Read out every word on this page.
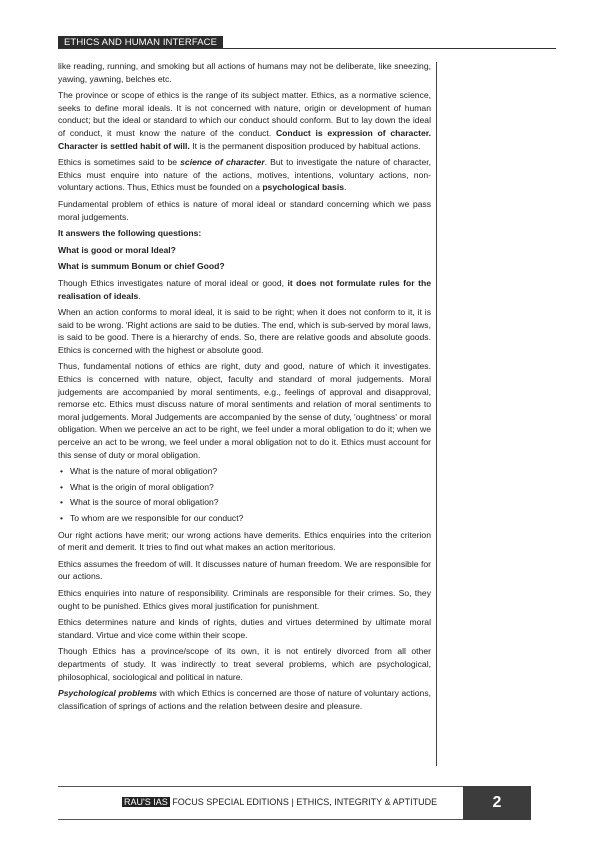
ETHICS AND HUMAN INTERFACE

like reading, running, and smoking but all actions of humans may not be deliberate, like sneezing, yawing, yawning, belches etc.

The province or scope of ethics is the range of its subject matter. Ethics, as a normative science, seeks to define moral ideals. It is not concerned with nature, origin or development of human conduct; but the ideal or standard to which our conduct should conform. But to lay down the ideal of conduct, it must know the nature of the conduct. Conduct is expression of character. Character is settled habit of will. It is the permanent disposition produced by habitual actions.

Ethics is sometimes said to be science of character. But to investigate the nature of character, Ethics must enquire into nature of the actions, motives, intentions, voluntary actions, non-voluntary actions. Thus, Ethics must be founded on a psychological basis.

Fundamental problem of ethics is nature of moral ideal or standard concerning which we pass moral judgements.

It answers the following questions:

What is good or moral Ideal?

What is summum Bonum or chief Good?

Though Ethics investigates nature of moral ideal or good, it does not formulate rules for the realisation of ideals.

When an action conforms to moral ideal, it is said to be right; when it does not conform to it, it is said to be wrong. 'Right actions are said to be duties. The end, which is sub-served by moral laws, is said to be good. There is a hierarchy of ends. So, there are relative goods and absolute goods. Ethics is concerned with the highest or absolute good.

Thus, fundamental notions of ethics are right, duty and good, nature of which it investigates. Ethics is concerned with nature, object, faculty and standard of moral judgements. Moral judgements are accompanied by moral sentiments, e.g., feelings of approval and disapproval, remorse etc. Ethics must discuss nature of moral sentiments and relation of moral sentiments to moral judgements. Moral Judgements are accompanied by the sense of duty, 'oughtness' or moral obligation. When we perceive an act to be right, we feel under a moral obligation to do it; when we perceive an act to be wrong, we feel under a moral obligation not to do it. Ethics must account for this sense of duty or moral obligation.

• What is the nature of moral obligation?
• What is the origin of moral obligation?
• What is the source of moral obligation?
• To whom are we responsible for our conduct?

Our right actions have merit; our wrong actions have demerits. Ethics enquiries into the criterion of merit and demerit. It tries to find out what makes an action meritorious.

Ethics assumes the freedom of will. It discusses nature of human freedom. We are responsible for our actions.

Ethics enquiries into nature of responsibility. Criminals are responsible for their crimes. So, they ought to be punished. Ethics gives moral justification for punishment.

Ethics determines nature and kinds of rights, duties and virtues determined by ultimate moral standard. Virtue and vice come within their scope.

Though Ethics has a province/scope of its own, it is not entirely divorced from all other departments of study. It was indirectly to treat several problems, which are psychological, philosophical, sociological and political in nature.

Psychological problems with which Ethics is concerned are those of nature of voluntary actions, classification of springs of actions and the relation between desire and pleasure.

RAU'S IAS FOCUS SPECIAL EDITIONS | ETHICS, INTEGRITY & APTITUDE	2
